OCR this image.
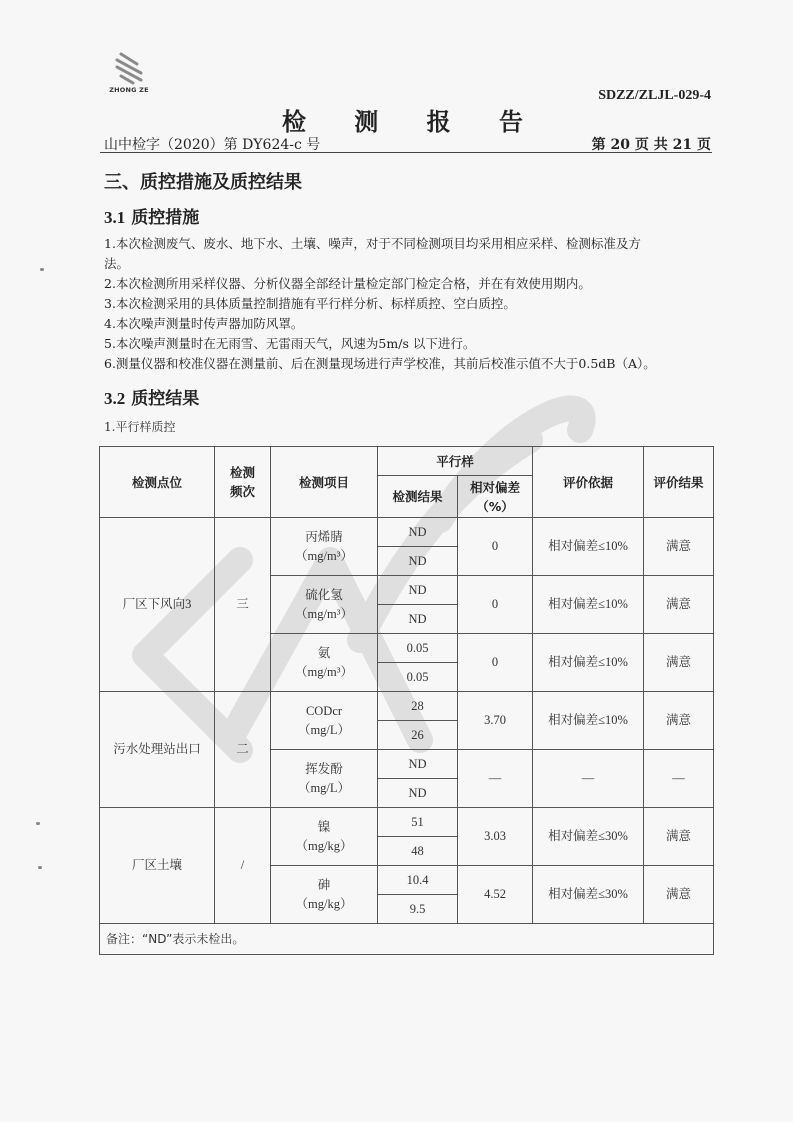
ZHONG ZE	SDZZ/ZLJL-029-4
检 测 报 告
山中检字（2020）第 DY624-c 号	第 20 页 共 21 页
三、质控措施及质控结果
3.1 质控措施
1.本次检测废气、废水、地下水、土壤、噪声，对于不同检测项目均采用相应采样、检测标准及方
法。
2.本次检测所用采样仪器、分析仪器全部经计量检定部门检定合格，并在有效使用期内。
3.本次检测采用的具体质量控制措施有平行样分析、标样质控、空白质控。
4.本次噪声测量时传声器加防风罩。
5.本次噪声测量时在无雨雪、无雷雨天气，风速为5m/s 以下进行。
6.测量仪器和校准仪器在测量前、后在测量现场进行声学校准，其前后校准示值不大于0.5dB（A）。
3.2 质控结果
1.平行样质控
检测点位	检测频次	检测项目	平行样		评价依据	评价结果
			检测结果	相对偏差（%）		
厂区下风向3	三	丙烯腈
（mg/m³）	ND	0	相对偏差≤10%	满意
			ND			

		硫化氢
（mg/m³）	ND	0	相对偏差≤10%	满意
			ND			

		氨
（mg/m³）	0.05	0	相对偏差≤10%	满意
			0.05			
污水处理站出口	二	CODcr
（mg/L）	28	3.70	相对偏差≤10%	满意
			26			

		挥发酚
（mg/L）	ND	—	—	—
			ND			
厂区土壤	/	镍
（mg/kg）	51	3.03	相对偏差≤30%	满意
			48			

		砷
（mg/kg）	10.4	4.52	相对偏差≤30%	满意
			9.5			
备注：“ND”表示未检出。						
